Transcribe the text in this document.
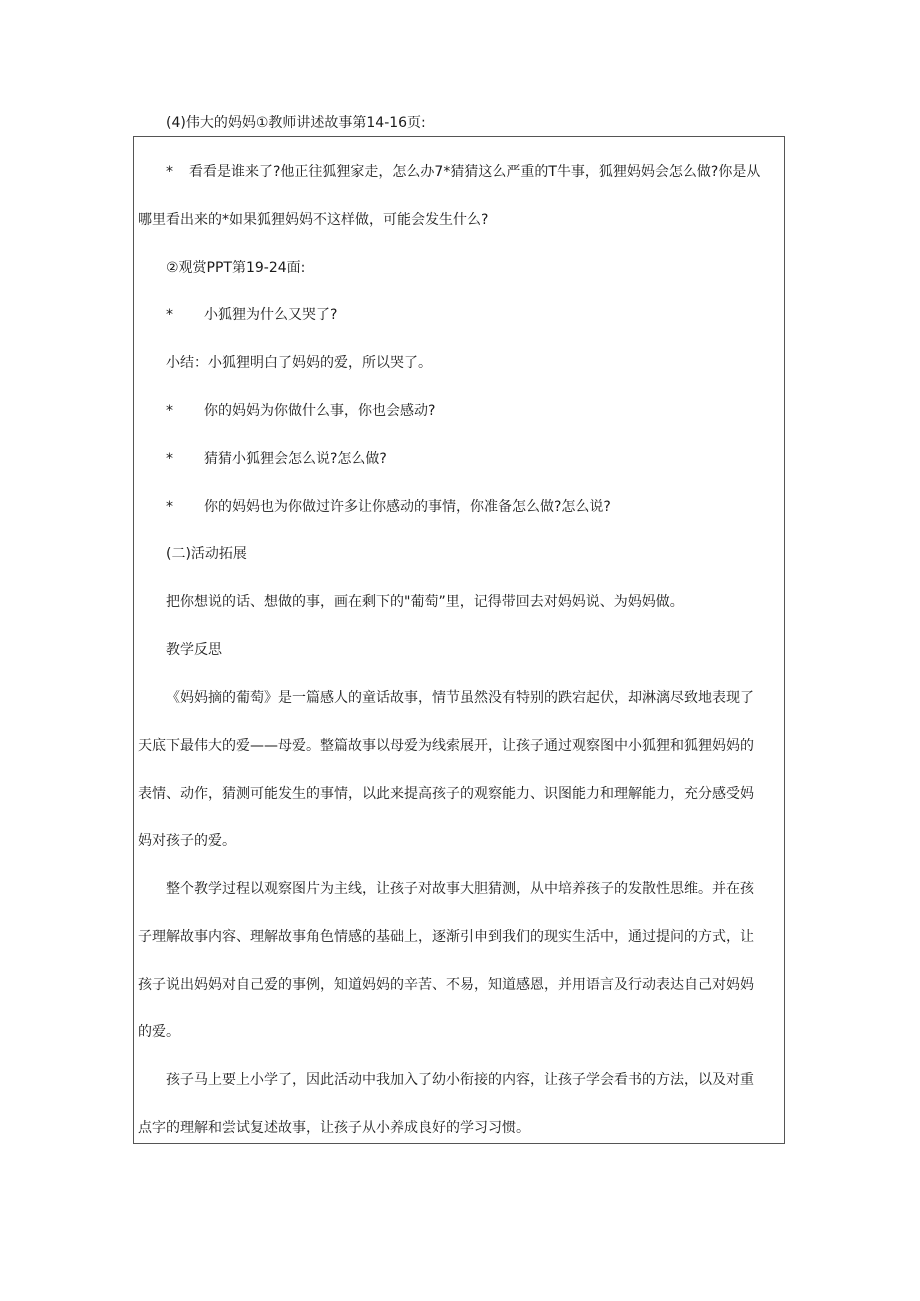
(4)伟大的妈妈①教师讲述故事第14-16页:
* 看看是谁来了?他正往狐狸家走，怎么办7*猜猜这么严重的T牛事，狐狸妈妈会怎么做?你是从
哪里看出来的*如果狐狸妈妈不这样做，可能会发生什么?
②观赏PPT第19-24面:
* 小狐狸为什么又哭了?
小结：小狐狸明白了妈妈的爱，所以哭了。
* 你的妈妈为你做什么事，你也会感动?
* 猜猜小狐狸会怎么说?怎么做?
* 你的妈妈也为你做过许多让你感动的事情，你准备怎么做?怎么说?
(二)活动拓展
把你想说的话、想做的事，画在剩下的"葡萄”里，记得带回去对妈妈说、为妈妈做。
教学反思
《妈妈摘的葡萄》是一篇感人的童话故事，情节虽然没有特别的跌宕起伏，却淋漓尽致地表现了
天底下最伟大的爱——母爱。整篇故事以母爱为线索展开，让孩子通过观察图中小狐狸和狐狸妈妈的
表情、动作，猜测可能发生的事情，以此来提高孩子的观察能力、识图能力和理解能力，充分感受妈
妈对孩子的爱。
整个教学过程以观察图片为主线，让孩子对故事大胆猜测，从中培养孩子的发散性思维。并在孩
子理解故事内容、理解故事角色情感的基础上，逐渐引申到我们的现实生活中，通过提问的方式，让
孩子说出妈妈对自己爱的事例，知道妈妈的辛苦、不易，知道感恩，并用语言及行动表达自己对妈妈
的爱。
孩子马上要上小学了，因此活动中我加入了幼小衔接的内容，让孩子学会看书的方法，以及对重
点字的理解和尝试复述故事，让孩子从小养成良好的学习习惯。
